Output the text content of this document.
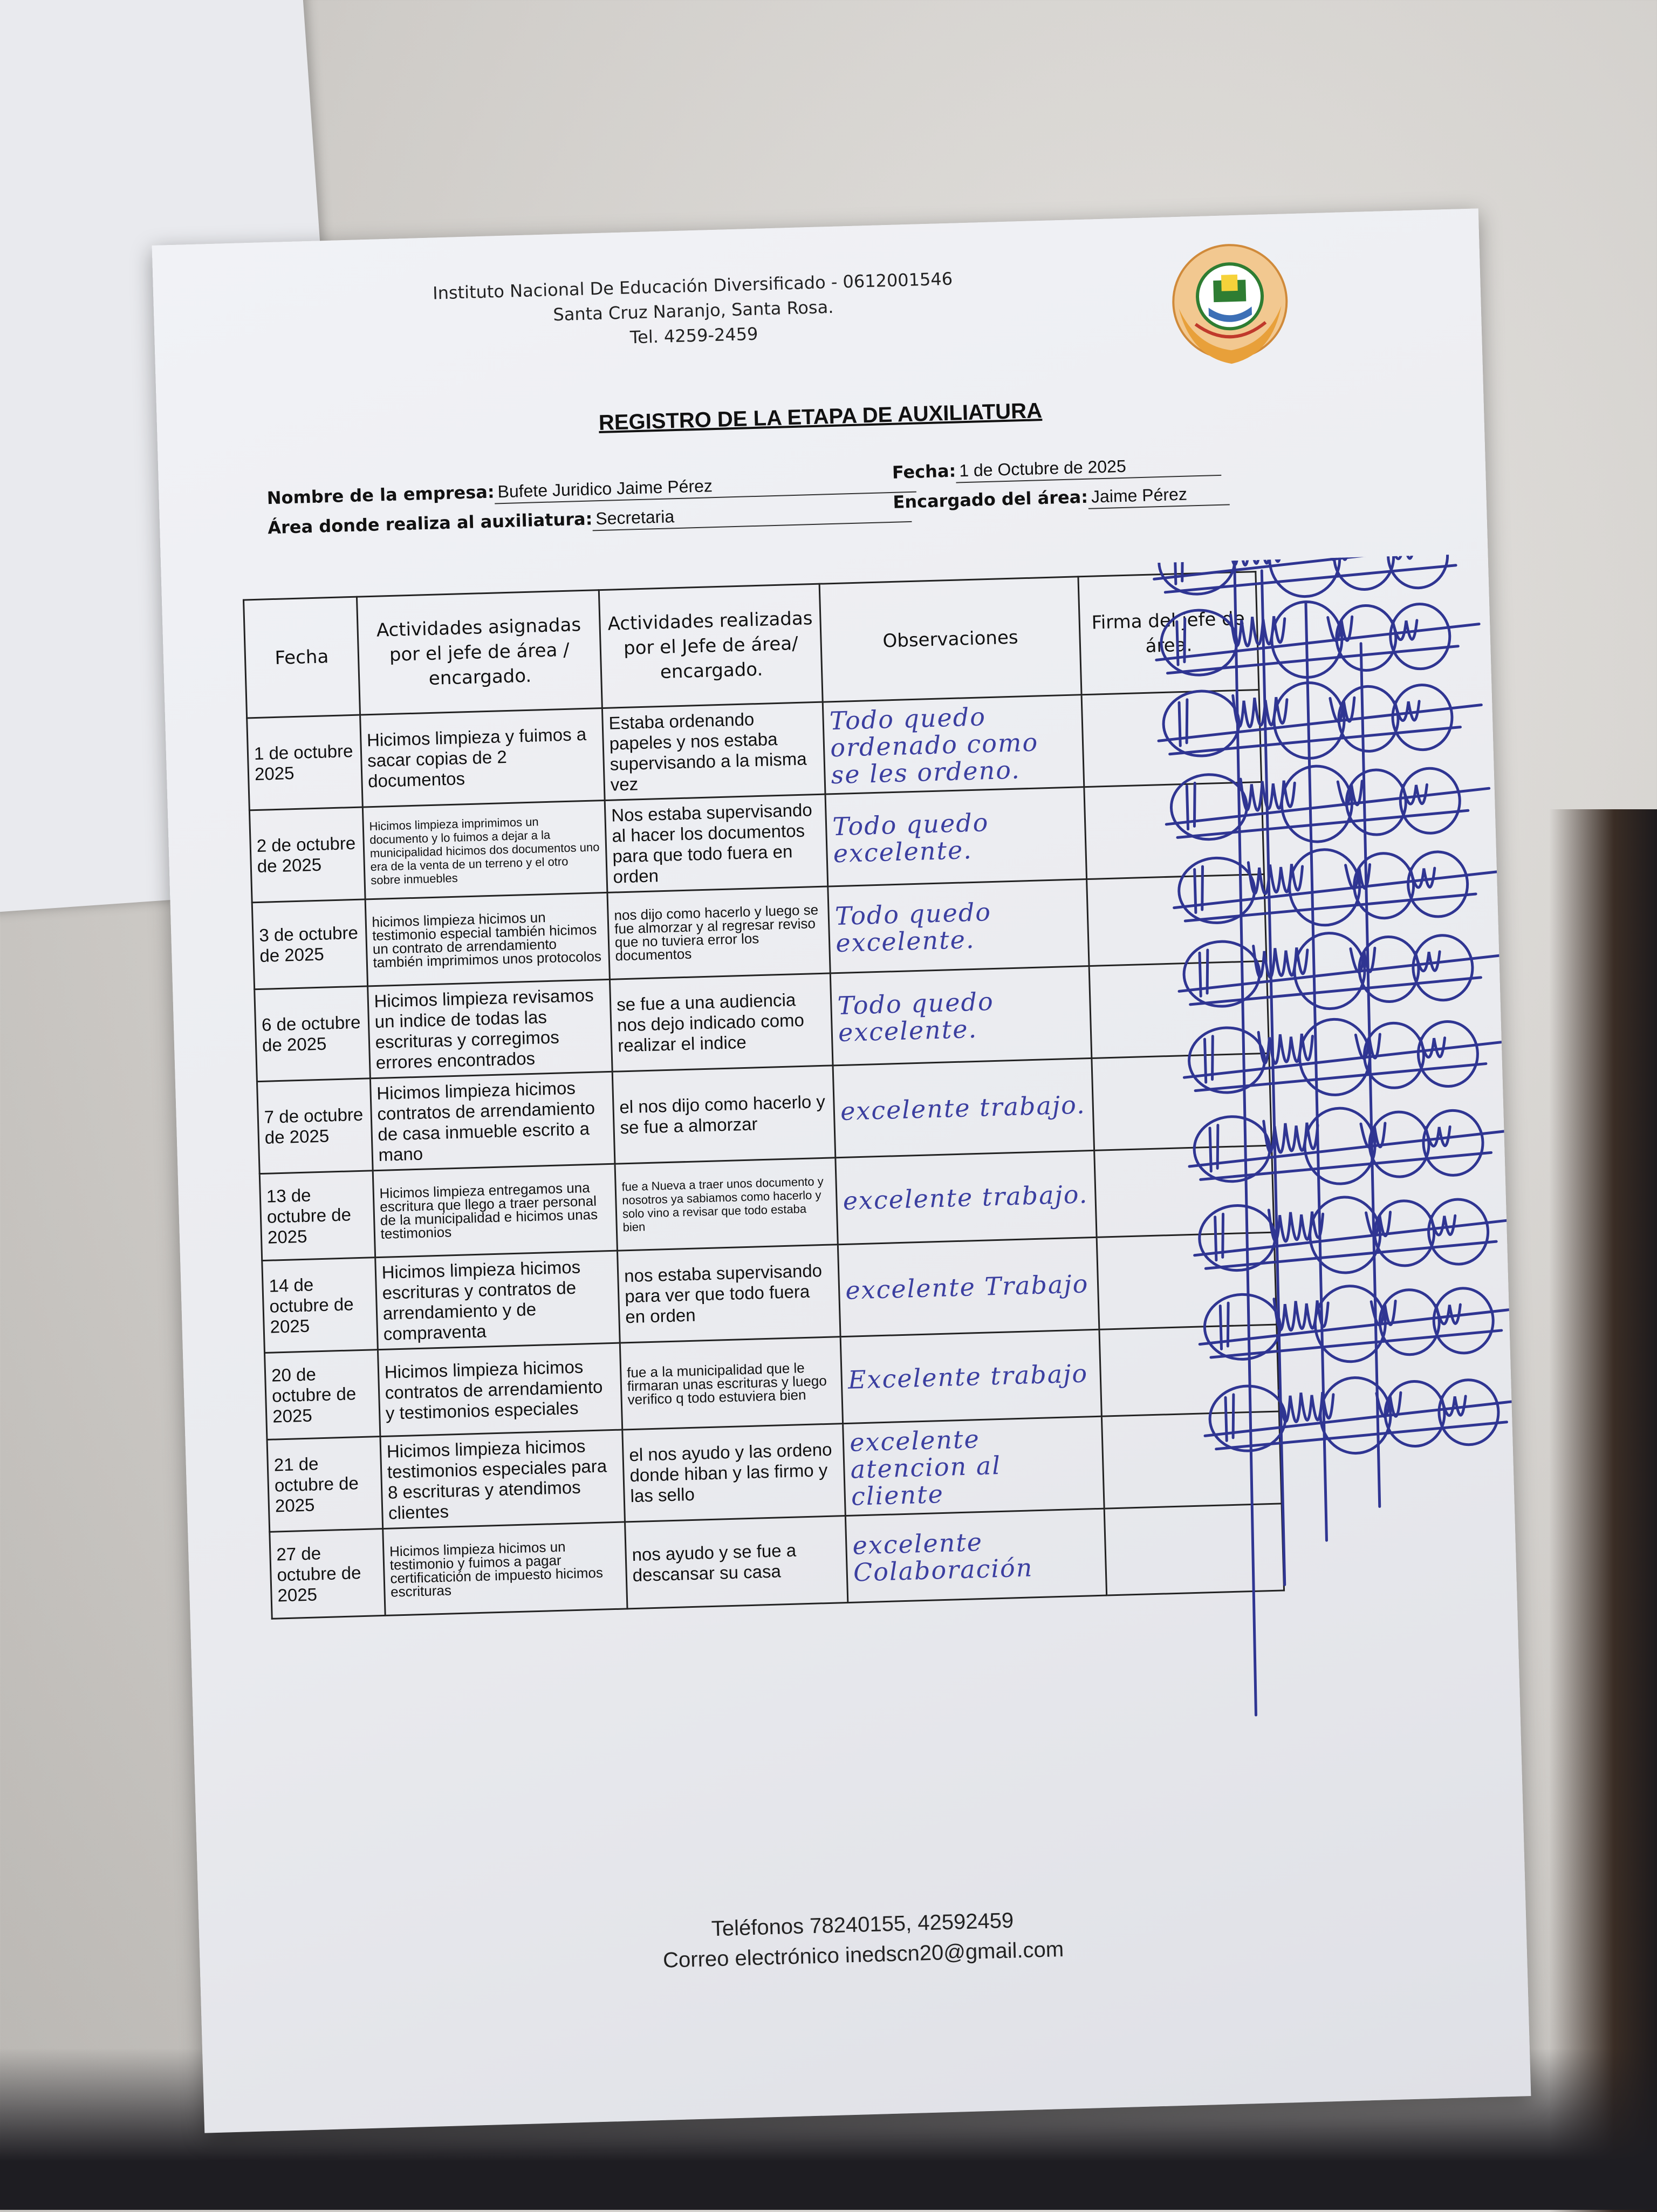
Instituto Nacional De Educación Diversificado - 0612001546
Santa Cruz Naranjo, Santa Rosa.
Tel. 4259-2459
REGISTRO DE LA ETAPA DE AUXILIATURA
Nombre de la empresa: Bufete Juridico Jaime Pérez
Fecha: 1 de Octubre de 2025
Área donde realiza al auxiliatura: Secretaria
Encargado del área: Jaime Pérez
Fecha	Actividades asignadas por el jefe de área / encargado.	Actividades realizadas por el Jefe de área/ encargado.	Observaciones	Firma del jefe de área.
1 de octubre 2025	Hicimos limpieza y fuimos a sacar copias de 2 documentos	Estaba ordenando papeles y nos estaba supervisando a la misma vez	Todo quedo ordenado como se les ordeno.	
2 de octubre de 2025	Hicimos limpieza imprimimos un documento y lo fuimos a dejar a la municipalidad hicimos dos documentos uno era de la venta de un terreno y el otro sobre inmuebles	Nos estaba supervisando al hacer los documentos para que todo fuera en orden	Todo quedo excelente.	
3 de octubre de 2025	hicimos limpieza hicimos un testimonio especial también hicimos un contrato de arrendamiento también imprimimos unos protocolos	nos dijo como hacerlo y luego se fue almorzar y al regresar reviso que no tuviera error los documentos	Todo quedo excelente.	
6 de octubre de 2025	Hicimos limpieza revisamos un indice de todas las escrituras y corregimos errores encontrados	se fue a una audiencia nos dejo indicado como realizar el indice	Todo quedo excelente.	
7 de octubre de 2025	Hicimos limpieza hicimos contratos de arrendamiento de casa inmueble escrito a mano	el nos dijo como hacerlo y se fue a almorzar	excelente trabajo.	
13 de octubre de 2025	Hicimos limpieza entregamos una escritura que llego a traer personal de la municipalidad e hicimos unas testimonios	fue a Nueva a traer unos documento y nosotros ya sabiamos como hacerlo y solo vino a revisar que todo estaba bien	excelente trabajo.	
14 de octubre de 2025	Hicimos limpieza hicimos escrituras y contratos de arrendamiento y de compraventa	nos estaba supervisando para ver que todo fuera en orden	excelente Trabajo	
20 de octubre de 2025	Hicimos limpieza hicimos contratos de arrendamiento y testimonios especiales	fue a la municipalidad que le firmaran unas escrituras y luego verifico q todo estuviera bien	Excelente trabajo	
21 de octubre de 2025	Hicimos limpieza hicimos testimonios especiales para 8 escrituras y atendimos clientes	el nos ayudo y las ordeno donde hiban y las firmo y las sello	excelente atencion al cliente	
27 de octubre de 2025	Hicimos limpieza hicimos un testimonio y fuimos a pagar certificatición de impuesto hicimos escrituras	nos ayudo y se fue a descansar su casa	excelente Colaboración	
Teléfonos 78240155, 42592459
Correo electrónico inedscn20@gmail.com
